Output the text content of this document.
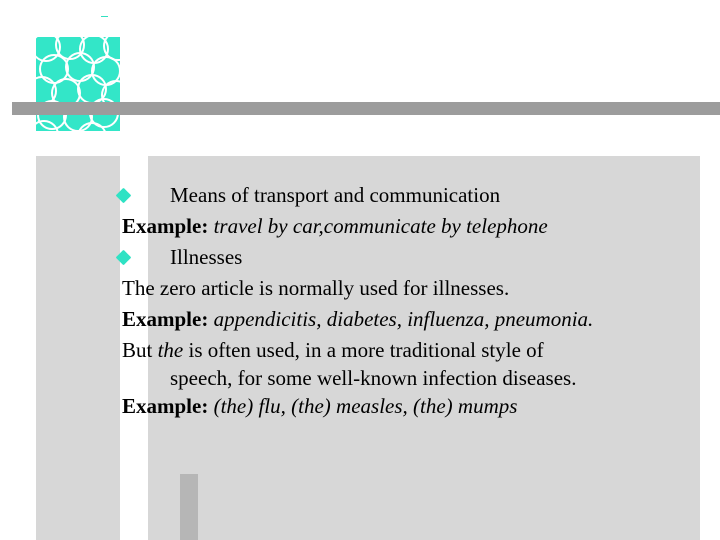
Means of transport and communication
Example: travel by car,communicate by telephone
Illnesses
The zero article is normally used for illnesses.
Example: appendicitis, diabetes, influenza, pneumonia.
But the is often used, in a more traditional style of
speech, for some well-known infection diseases.
Example: (the) flu, (the) measles, (the) mumps
